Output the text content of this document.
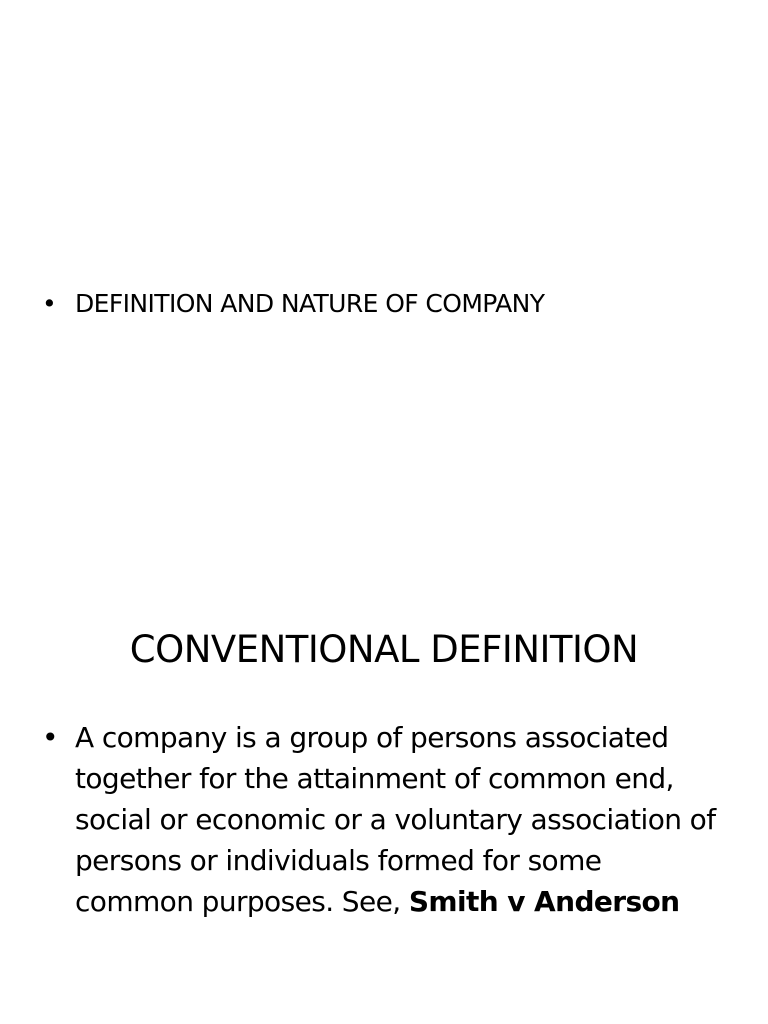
• DEFINITION AND NATURE OF COMPANY
CONVENTIONAL DEFINITION
• A company is a group of persons associated together for the attainment of common end, social or economic or a voluntary association of persons or individuals formed for some common purposes. See, Smith v Anderson
